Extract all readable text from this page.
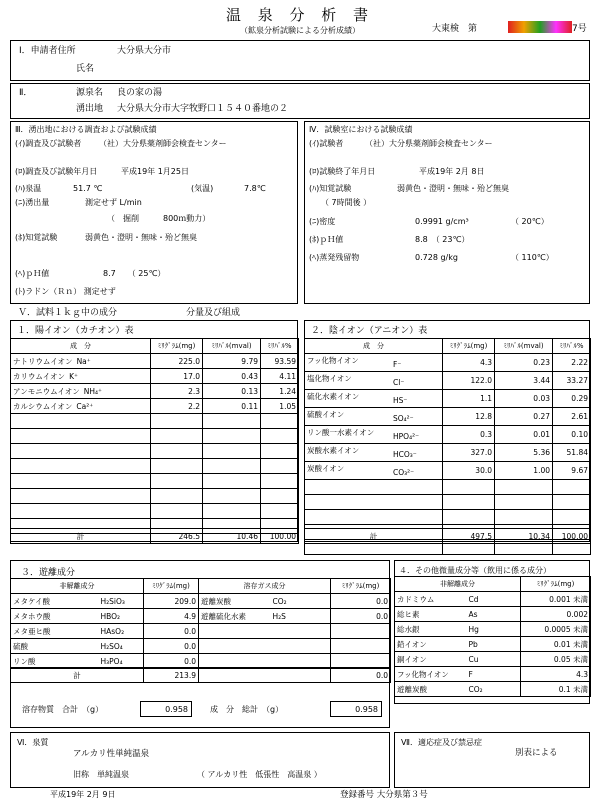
温 泉 分 析 書
（鉱泉分析試験による分析成績）	大東検　第	7号
Ⅰ．申請者住所	大分県大分市
氏名
Ⅱ．	源泉名 良の家の湯
湧出地 大分県大分市大字牧野口１５４０番地の２
Ⅲ．湧出地における調査および試験成績
(ｲ)調査及び試験者 （社）大分県薬剤師会検査センター
(ﾛ)調査及び試験年月日	平成19年 1月25日
(ﾊ)泉温	51.7 ℃	(気温)	7.8℃
(ﾆ)湧出量	測定せず L/min
（　掘削　　　800ｍ動力）
(ﾎ)知覚試験	弱黄色・澄明・無味・殆ど無臭
(ﾍ)ｐＨ値	8.7　　（ 25℃）
(ﾄ)ラドン（Ｒｎ） 測定せず
Ⅳ．試験室における試験成績
(ｲ)試験者	（社）大分県薬剤師会検査センター
(ﾛ)試験終了年月日	平成19年 2月 8日
(ﾊ)知覚試験	弱黄色・澄明・無味・殆ど無臭
（ 7時間後 ）
(ﾆ)密度	0.9991 g/cm³	（ 20℃）
(ﾎ)ｐＨ値	8.8　（ 23℃）
(ﾍ)蒸発残留物	0.728 g/kg	（ 110℃）
Ｖ．試料１ｋｇ中の成分	分量及び組成
１．陽イオン（カチオン）表
成　分	ﾐﾘｸﾞﾗﾑ(mg)	ﾐﾘﾊﾞﾙ(mval)	ﾐﾘﾊﾞﾙ%
ナトリウムイオン Na⁺	225.0	9.79	93.59
カリウムイオン K⁺	17.0	0.43	4.11
アンモニウムイオン NH₄⁺	2.3	0.13	1.24
カルシウムイオン Ca²⁺	2.2	0.11	1.05

計	246.5	10.46	100.00
２．陰イオン（アニオン）表
成　分	ﾐﾘｸﾞﾗﾑ(mg)	ﾐﾘﾊﾞﾙ(mval)	ﾐﾘﾊﾞﾙ%
フッ化物イオン F⁻	4.3	0.23	2.22
塩化物イオン Cl⁻	122.0	3.44	33.27
硫化水素イオン HS⁻	1.1	0.03	0.29
硫酸イオン SO₄²⁻	12.8	0.27	2.61
リン酸一水素イオン HPO₄²⁻	0.3	0.01	0.10
炭酸水素イオン HCO₃⁻	327.0	5.36	51.84
炭酸イオン CO₃²⁻	30.0	1.00	9.67

計	497.5	10.34	100.00
３．遊離成分
非解離成分		ﾐﾘｸﾞﾗﾑ(mg)	溶存ガス成分		ﾐﾘｸﾞﾗﾑ(mg)
メタケイ酸	H₂SiO₃	209.0	遊離炭酸	CO₂	0.0
メタホウ酸	HBO₂	4.9	遊離硫化水素	H₂S	0.0
メタ亜ヒ酸	HAsO₂	0.0			
硫酸	H₂SO₄	0.0			
リン酸	H₃PO₄	0.0			
計	213.9		0.0
溶存物質　合計　（g）	0.958	成　分　総計　（g）	0.958
４．その他微量成分等（飲用に係る成分）
非解離成分		ﾐﾘｸﾞﾗﾑ(mg)
カドミウム	Cd	0.001 未満
総ヒ素	As	0.002
総水銀	Hg	0.0005 未満
鉛イオン	Pb	0.01 未満
銅イオン	Cu	0.05 未満
フッ化物イオン	F	4.3
遊離炭酸	CO₂	0.1 未満
Ⅵ．泉質
アルカリ性単純温泉
旧称 単純温泉	（ アルカリ性　低張性　高温泉 ）
Ⅶ．適応症及び禁忌症
別表による
平成19年 2月 9日	登録番号 大分県第３号
